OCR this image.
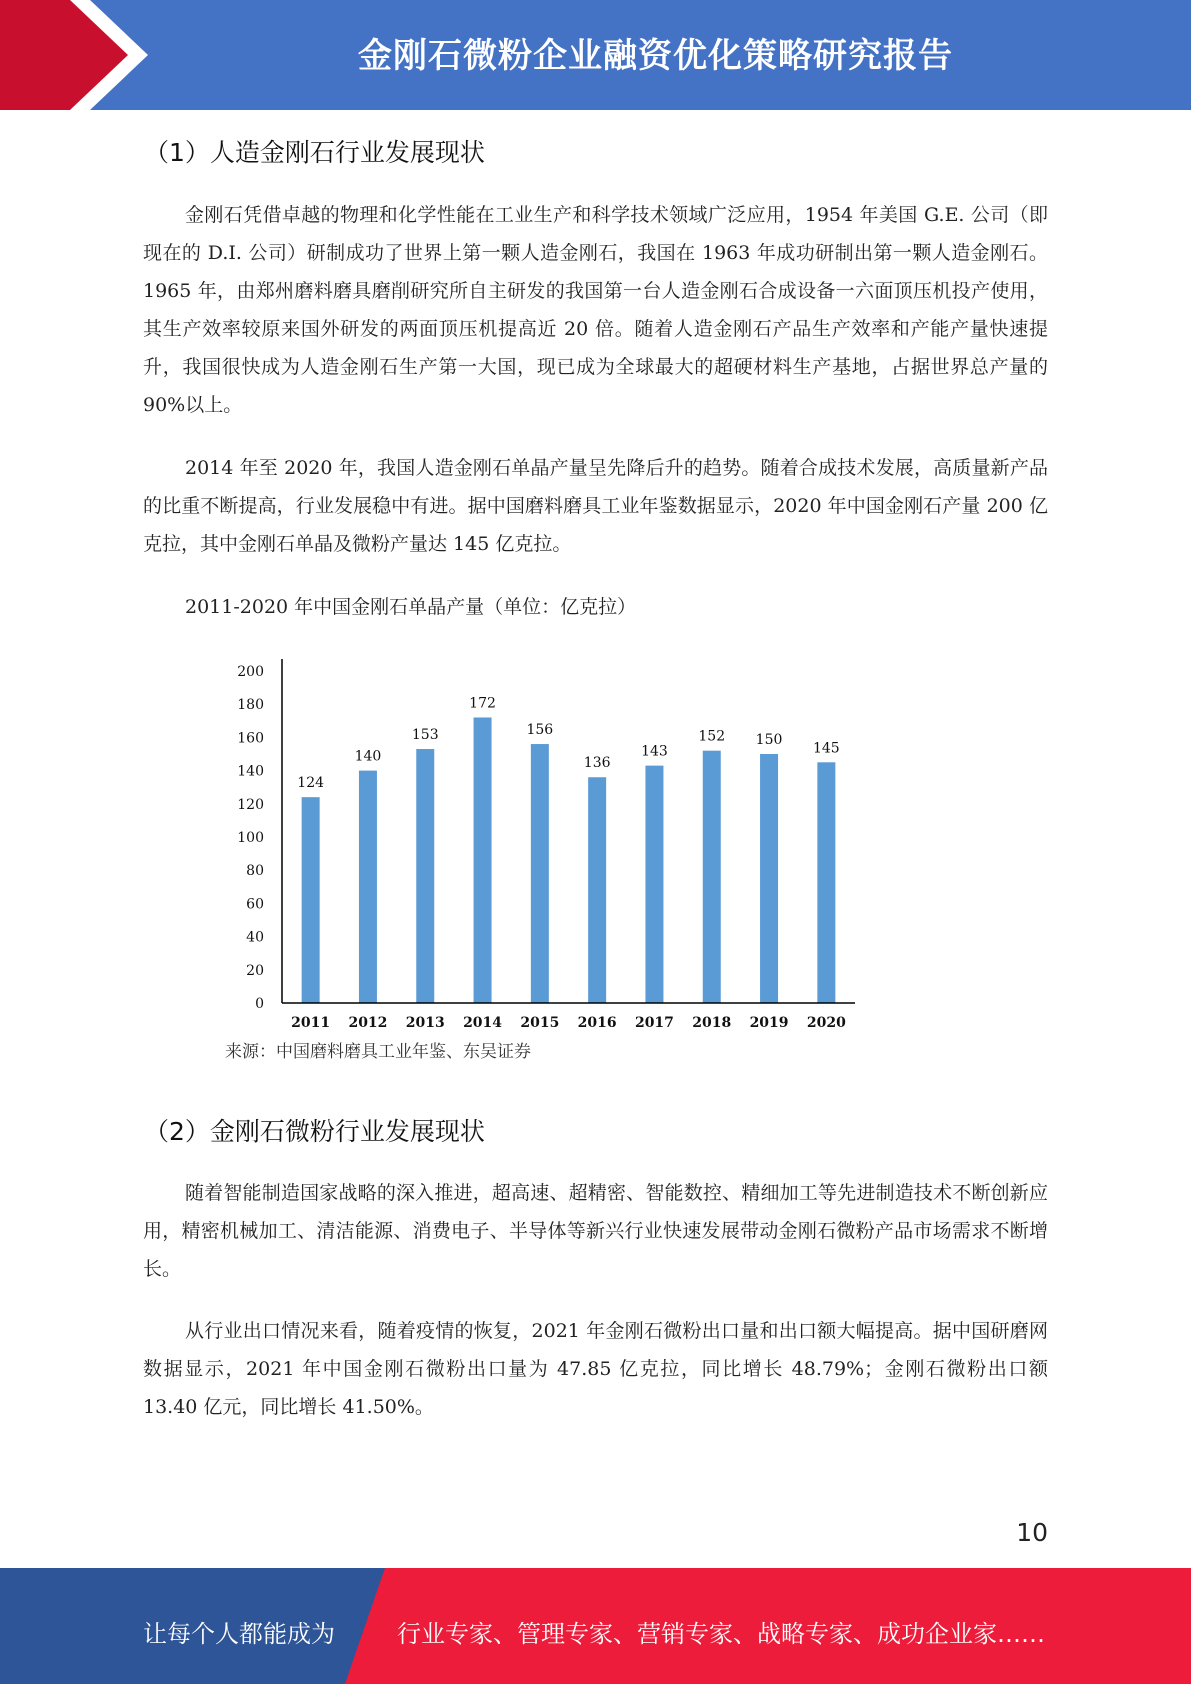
金刚石微粉企业融资优化策略研究报告
（1）人造金刚石行业发展现状

金刚石凭借卓越的物理和化学性能在工业生产和科学技术领域广泛应用，1954 年美国 G.E. 公司（即现在的 D.I. 公司）研制成功了世界上第一颗人造金刚石，我国在 1963 年成功研制出第一颗人造金刚石。1965 年，由郑州磨料磨具磨削研究所自主研发的我国第一台人造金刚石合成设备一六面顶压机投产使用，其生产效率较原来国外研发的两面顶压机提高近 20 倍。随着人造金刚石产品生产效率和产能产量快速提升，我国很快成为人造金刚石生产第一大国，现已成为全球最大的超硬材料生产基地，占据世界总产量的 90%以上。

2014 年至 2020 年，我国人造金刚石单晶产量呈先降后升的趋势。随着合成技术发展，高质量新产品的比重不断提高，行业发展稳中有进。据中国磨料磨具工业年鉴数据显示，2020 年中国金刚石产量 200 亿克拉，其中金刚石单晶及微粉产量达 145 亿克拉。

2011-2020 年中国金刚石单晶产量（单位：亿克拉）
0
20
40
60
80
100
120
140
160
180
200
124
140
153
172
156
136
143
152 150
145
2011 2012 2013 2014 2015 2016 2017 2018 2019 2020
来源：中国磨料磨具工业年鉴、东吴证券
（2）金刚石微粉行业发展现状

随着智能制造国家战略的深入推进，超高速、超精密、智能数控、精细加工等先进制造技术不断创新应用，精密机械加工、清洁能源、消费电子、半导体等新兴行业快速发展带动金刚石微粉产品市场需求不断增长。

从行业出口情况来看，随着疫情的恢复，2021 年金刚石微粉出口量和出口额大幅提高。据中国研磨网数据显示，2021 年中国金刚石微粉出口量为 47.85 亿克拉，同比增长 48.79%；金刚石微粉出口额 13.40 亿元，同比增长 41.50%。

10
让每个人都能成为	行业专家、管理专家、营销专家、战略专家、成功企业家……
